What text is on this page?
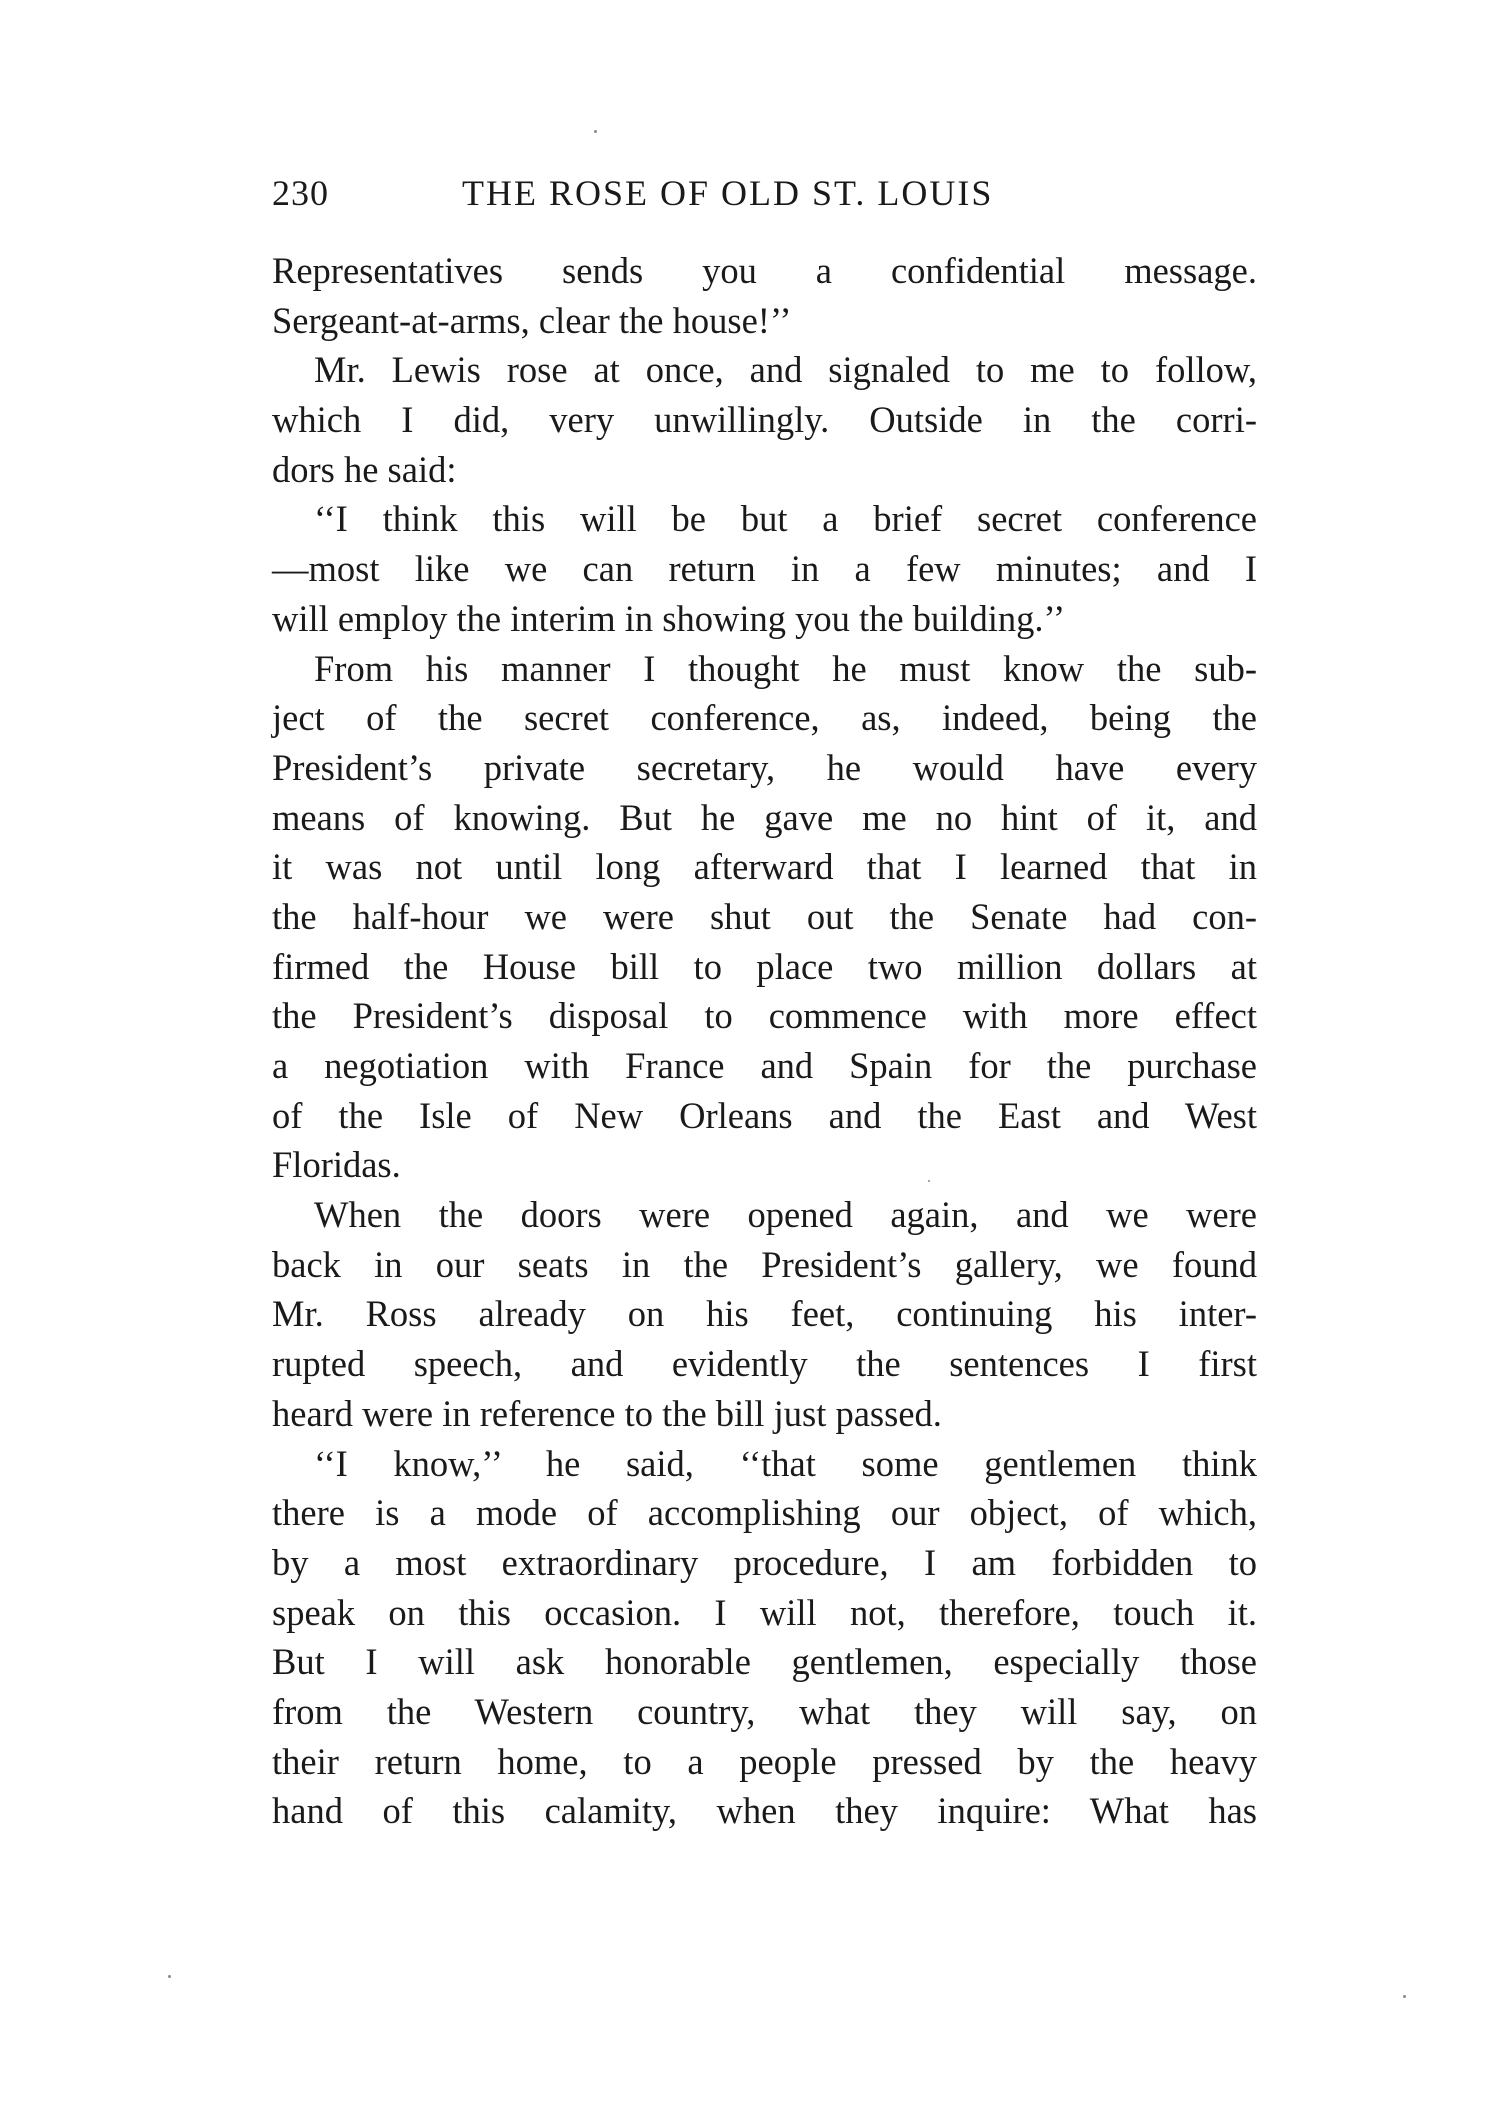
230	THE ROSE OF OLD ST. LOUIS
Representatives sends you a confidential message.
Sergeant-at-arms, clear the house!’’
Mr. Lewis rose at once, and signaled to me to follow,
which I did, very unwillingly. Outside in the corri-
dors he said:
‘‘I think this will be but a brief secret conference
—most like we can return in a few minutes; and I
will employ the interim in showing you the building.’’
From his manner I thought he must know the sub-
ject of the secret conference, as, indeed, being the
President’s private secretary, he would have every
means of knowing. But he gave me no hint of it, and
it was not until long afterward that I learned that in
the half-hour we were shut out the Senate had con-
firmed the House bill to place two million dollars at
the President’s disposal to commence with more effect
a negotiation with France and Spain for the purchase
of the Isle of New Orleans and the East and West
Floridas.
When the doors were opened again, and we were
back in our seats in the President’s gallery, we found
Mr. Ross already on his feet, continuing his inter-
rupted speech, and evidently the sentences I first
heard were in reference to the bill just passed.
‘‘I know,’’ he said, ‘‘that some gentlemen think
there is a mode of accomplishing our object, of which,
by a most extraordinary procedure, I am forbidden to
speak on this occasion. I will not, therefore, touch it.
But I will ask honorable gentlemen, especially those
from the Western country, what they will say, on
their return home, to a people pressed by the heavy
hand of this calamity, when they inquire: What has
